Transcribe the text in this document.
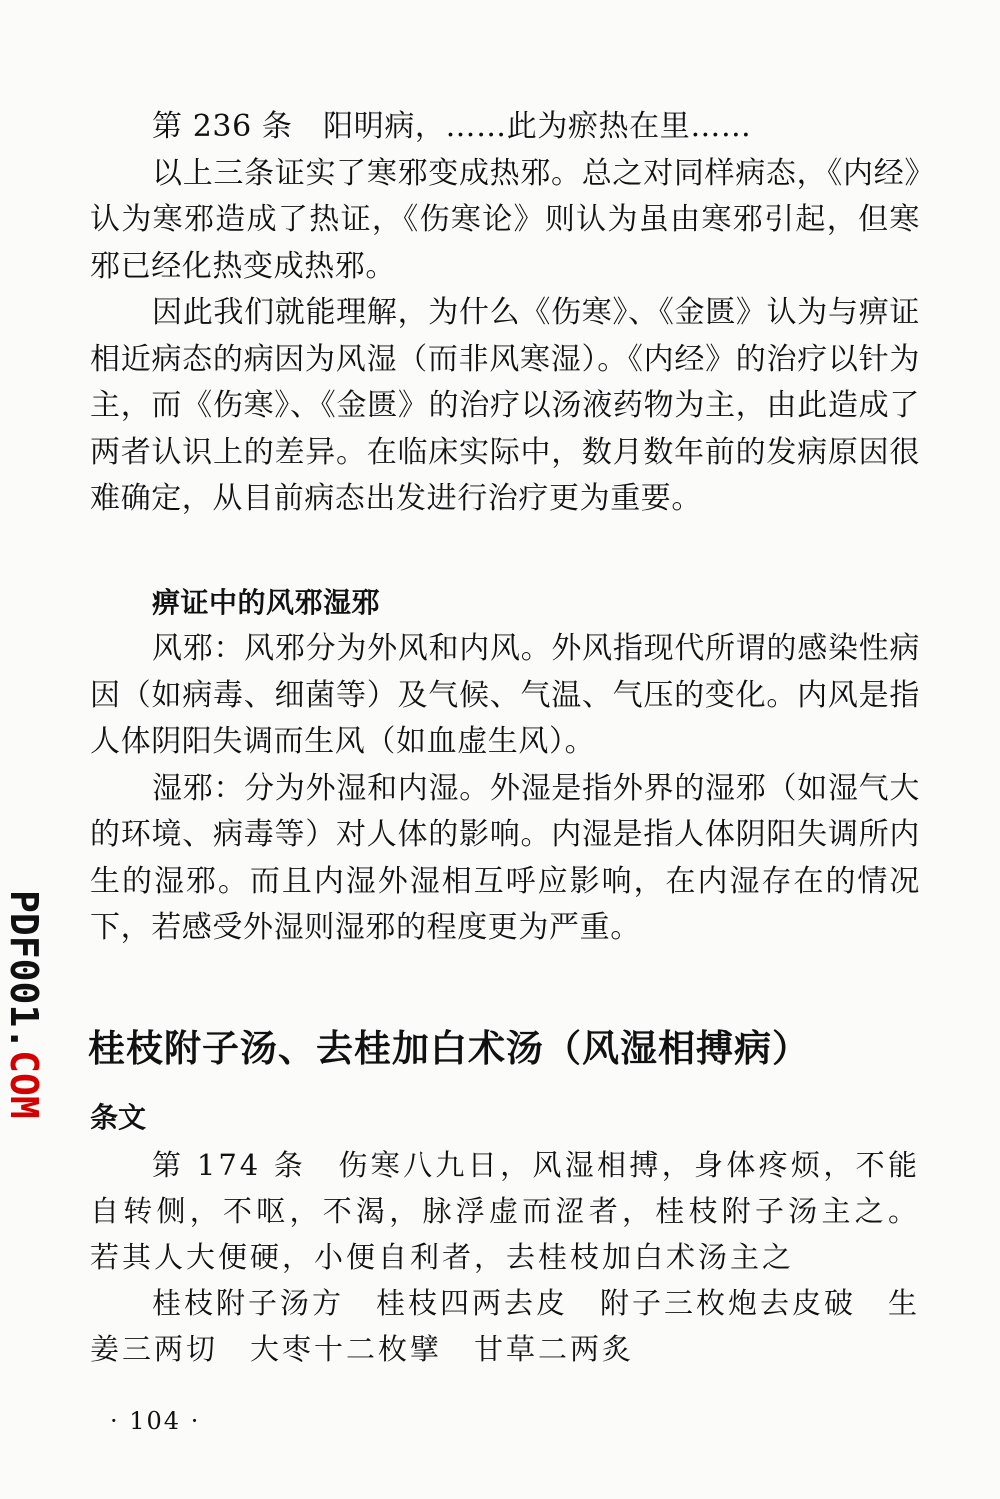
PDF001.COM

第 236 条　阳明病，……此为瘀热在里……

以上三条证实了寒邪变成热邪。总之对同样病态，《内经》认为寒邪造成了热证，《伤寒论》则认为虽由寒邪引起，但寒邪已经化热变成热邪。

因此我们就能理解，为什么《伤寒》、《金匮》认为与痹证相近病态的病因为风湿（而非风寒湿）。《内经》的治疗以针为主，而《伤寒》、《金匮》的治疗以汤液药物为主，由此造成了两者认识上的差异。在临床实际中，数月数年前的发病原因很难确定，从目前病态出发进行治疗更为重要。

痹证中的风邪湿邪

风邪：风邪分为外风和内风。外风指现代所谓的感染性病因（如病毒、细菌等）及气候、气温、气压的变化。内风是指人体阴阳失调而生风（如血虚生风）。

湿邪：分为外湿和内湿。外湿是指外界的湿邪（如湿气大的环境、病毒等）对人体的影响。内湿是指人体阴阳失调所内生的湿邪。而且内湿外湿相互呼应影响，在内湿存在的情况下，若感受外湿则湿邪的程度更为严重。

桂枝附子汤、去桂加白术汤（风湿相搏病）
条文

第 174 条　伤寒八九日，风湿相搏，身体疼烦，不能自转侧，不呕，不渴，脉浮虚而涩者，桂枝附子汤主之。若其人大便硬，小便自利者，去桂枝加白术汤主之

桂枝附子汤方　桂枝四两去皮　附子三枚炮去皮破　生姜三两切　大枣十二枚擘　甘草二两炙

· 104 ·
